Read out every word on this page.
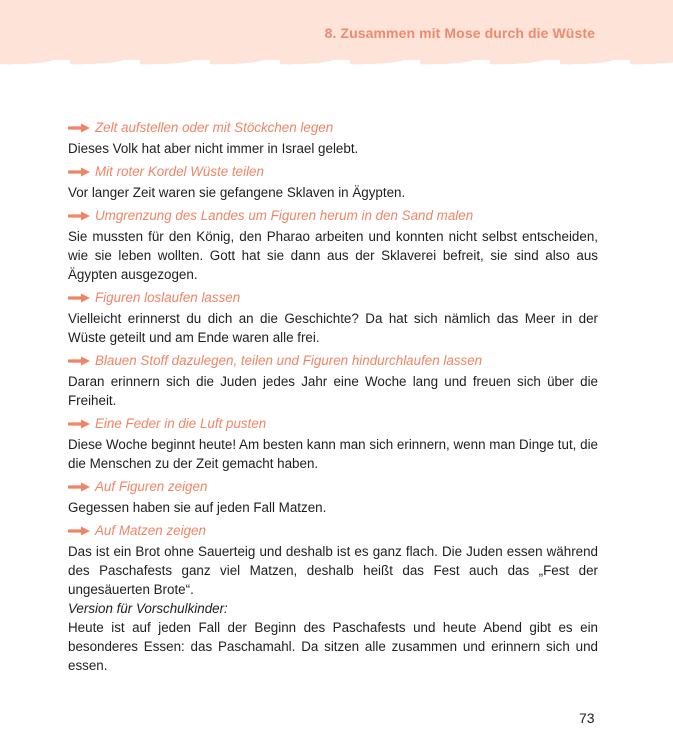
8. Zusammen mit Mose durch die Wüste
Zelt aufstellen oder mit Stöckchen legen

Dieses Volk hat aber nicht immer in Israel gelebt.

Mit roter Kordel Wüste teilen

Vor langer Zeit waren sie gefangene Sklaven in Ägypten.

Umgrenzung des Landes um Figuren herum in den Sand malen

Sie mussten für den König, den Pharao arbeiten und konnten nicht selbst entscheiden, wie sie leben wollten. Gott hat sie dann aus der Sklaverei befreit, sie sind also aus Ägypten ausgezogen.

Figuren loslaufen lassen

Vielleicht erinnerst du dich an die Geschichte? Da hat sich nämlich das Meer in der Wüste geteilt und am Ende waren alle frei.

Blauen Stoff dazulegen, teilen und Figuren hindurchlaufen lassen

Daran erinnern sich die Juden jedes Jahr eine Woche lang und freuen sich über die Freiheit.

Eine Feder in die Luft pusten

Diese Woche beginnt heute! Am besten kann man sich erinnern, wenn man Dinge tut, die die Menschen zu der Zeit gemacht haben.

Auf Figuren zeigen

Gegessen haben sie auf jeden Fall Matzen.

Auf Matzen zeigen

Das ist ein Brot ohne Sauerteig und deshalb ist es ganz flach. Die Juden essen während des Paschafests ganz viel Matzen, deshalb heißt das Fest auch das „Fest der ungesäuerten Brote“.

Version für Vorschulkinder:

Heute ist auf jeden Fall der Beginn des Paschafests und heute Abend gibt es ein besonderes Essen: das Paschamahl. Da sitzen alle zusammen und erinnern sich und essen.

73
